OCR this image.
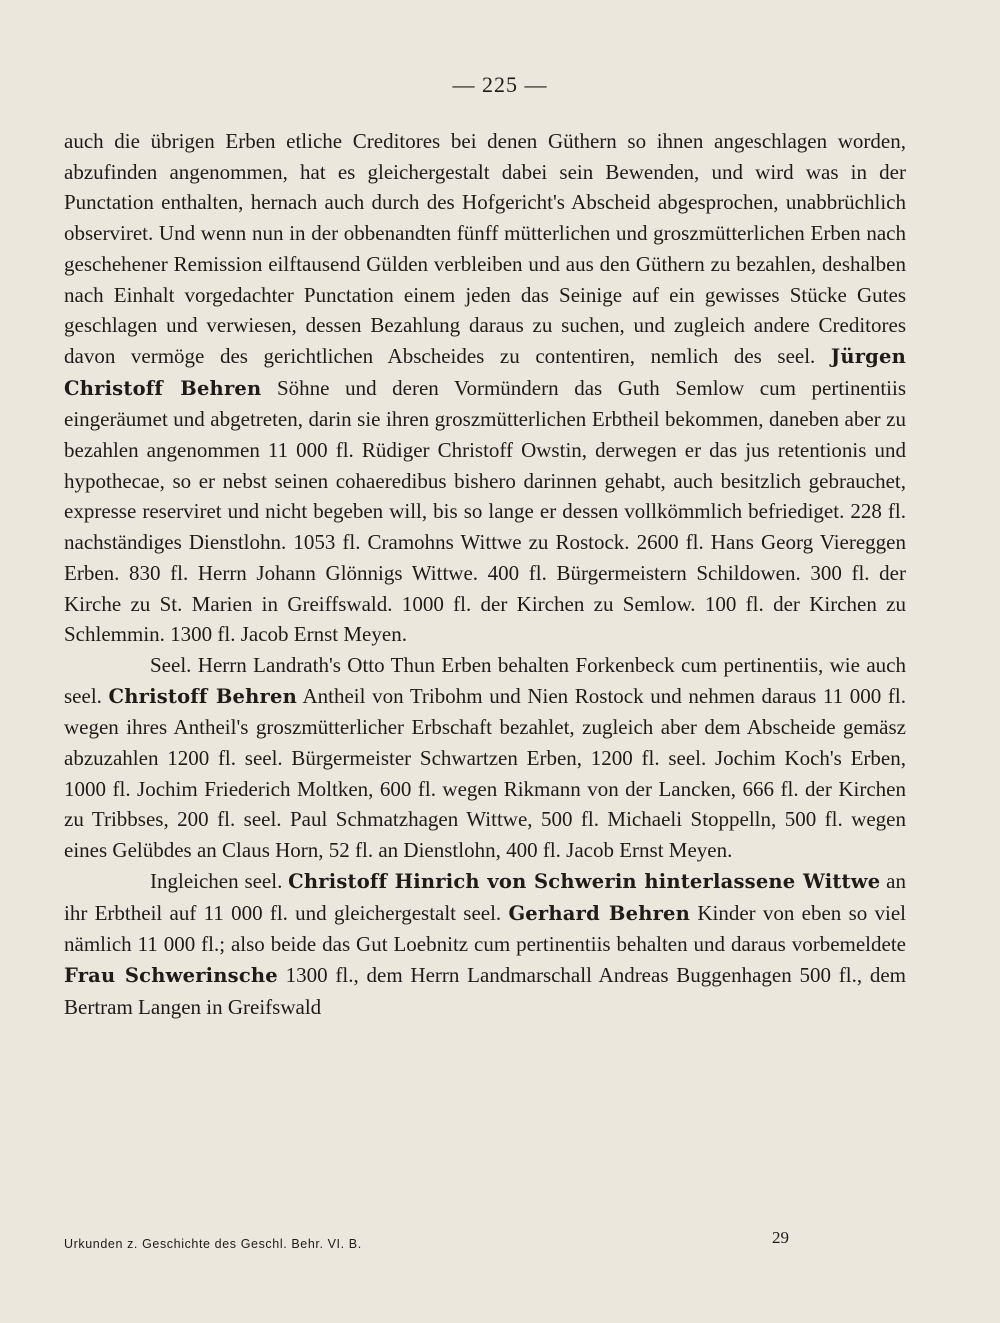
— 225 —

auch die übrigen Erben etliche Creditores bei denen Güthern so ihnen angeschlagen worden, abzufinden angenommen, hat es gleichergestalt dabei sein Bewenden, und wird was in der Punctation enthalten, hernach auch durch des Hofgericht's Abscheid abgesprochen, unabbrüchlich observiret. Und wenn nun in der obbenandten fünff mütterlichen und groszmütterlichen Erben nach geschehener Remission eilftausend Gülden verbleiben und aus den Güthern zu bezahlen, deshalben nach Einhalt vorgedachter Punctation einem jeden das Seinige auf ein gewisses Stücke Gutes geschlagen und verwiesen, dessen Bezahlung daraus zu suchen, und zugleich andere Creditores davon vermöge des gerichtlichen Abscheides zu contentiren, nemlich des seel. Jürgen Christoff Behren Söhne und deren Vormündern das Guth Semlow cum pertinentiis eingeräumet und abgetreten, darin sie ihren groszmütterlichen Erbtheil bekommen, daneben aber zu bezahlen angenommen 11 000 fl. Rüdiger Christoff Owstin, derwegen er das jus retentionis und hypothecae, so er nebst seinen cohaeredibus bishero darinnen gehabt, auch besitzlich gebrauchet, expresse reserviret und nicht begeben will, bis so lange er dessen vollkömmlich befriediget. 228 fl. nachständiges Dienstlohn. 1053 fl. Cramohns Wittwe zu Rostock. 2600 fl. Hans Georg Viereggen Erben. 830 fl. Herrn Johann Glönnigs Wittwe. 400 fl. Bürgermeistern Schildowen. 300 fl. der Kirche zu St. Marien in Greiffswald. 1000 fl. der Kirchen zu Semlow. 100 fl. der Kirchen zu Schlemmin. 1300 fl. Jacob Ernst Meyen.

Seel. Herrn Landrath's Otto Thun Erben behalten Forkenbeck cum pertinentiis, wie auch seel. Christoff Behren Antheil von Tribohm und Nien Rostock und nehmen daraus 11 000 fl. wegen ihres Antheil's groszmütterlicher Erbschaft bezahlet, zugleich aber dem Abscheide gemäsz abzuzahlen 1200 fl. seel. Bürgermeister Schwartzen Erben, 1200 fl. seel. Jochim Koch's Erben, 1000 fl. Jochim Friederich Moltken, 600 fl. wegen Rikmann von der Lancken, 666 fl. der Kirchen zu Tribbses, 200 fl. seel. Paul Schmatzhagen Wittwe, 500 fl. Michaeli Stoppelln, 500 fl. wegen eines Gelübdes an Claus Horn, 52 fl. an Dienstlohn, 400 fl. Jacob Ernst Meyen.

Ingleichen seel. Christoff Hinrich von Schwerin hinterlassene Wittwe an ihr Erbtheil auf 11 000 fl. und gleichergestalt seel. Gerhard Behren Kinder von eben so viel nämlich 11 000 fl.; also beide das Gut Loebnitz cum pertinentiis behalten und daraus vorbemeldete Frau Schwerinsche 1300 fl., dem Herrn Landmarschall Andreas Buggenhagen 500 fl., dem Bertram Langen in Greifswald

Urkunden z. Geschichte des Geschl. Behr. VI. B.	29
